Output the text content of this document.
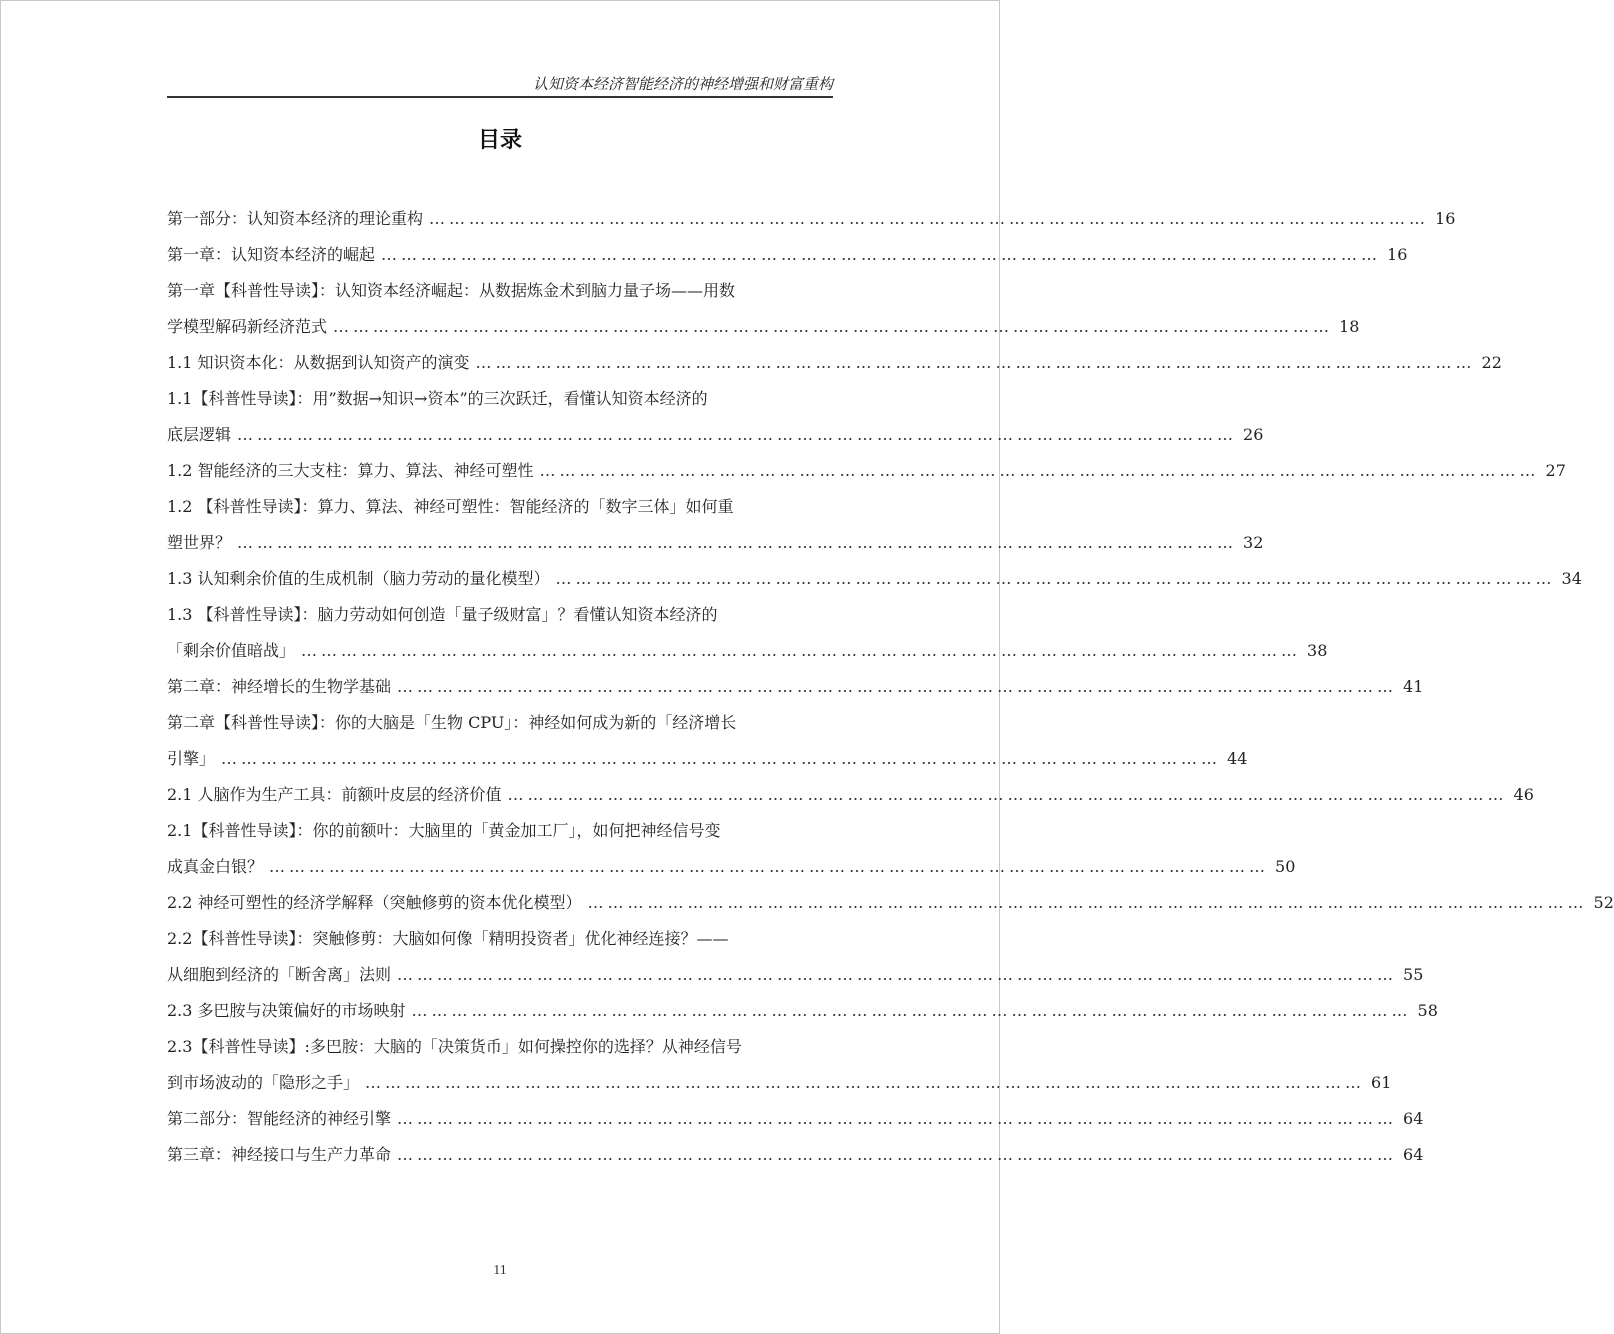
认知资本经济智能经济的神经增强和财富重构
目录
第一部分：认知资本经济的理论重构 …………………………………………………………………………………………………………………………………… 16
第一章：认知资本经济的崛起 …………………………………………………………………………………………………………………………………… 16
第一章【科普性导读】：认知资本经济崛起：从数据炼金术到脑力量子场——用数
学模型解码新经济范式 …………………………………………………………………………………………………………………………………… 18
1.1 知识资本化：从数据到认知资产的演变 …………………………………………………………………………………………………………………………………… 22
1.1【科普性导读】：用”数据→知识→资本”的三次跃迁，看懂认知资本经济的
底层逻辑 …………………………………………………………………………………………………………………………………… 26
1.2 智能经济的三大支柱：算力、算法、神经可塑性 …………………………………………………………………………………………………………………………………… 27
1.2 【科普性导读】：算力、算法、神经可塑性：智能经济的「数字三体」如何重
塑世界？ …………………………………………………………………………………………………………………………………… 32
1.3 认知剩余价值的生成机制（脑力劳动的量化模型） …………………………………………………………………………………………………………………………………… 34
1.3 【科普性导读】：脑力劳动如何创造「量子级财富」？看懂认知资本经济的
「剩余价值暗战」 …………………………………………………………………………………………………………………………………… 38
第二章：神经增长的生物学基础 …………………………………………………………………………………………………………………………………… 41
第二章【科普性导读】：你的大脑是「生物 CPU」：神经如何成为新的「经济增长
引擎」 …………………………………………………………………………………………………………………………………… 44
2.1 人脑作为生产工具：前额叶皮层的经济价值 …………………………………………………………………………………………………………………………………… 46
2.1【科普性导读】：你的前额叶：大脑里的「黄金加工厂」，如何把神经信号变
成真金白银？ …………………………………………………………………………………………………………………………………… 50
2.2 神经可塑性的经济学解释（突触修剪的资本优化模型） …………………………………………………………………………………………………………………………………… 52
2.2【科普性导读】：突触修剪：大脑如何像「精明投资者」优化神经连接？——
从细胞到经济的「断舍离」法则 …………………………………………………………………………………………………………………………………… 55
2.3 多巴胺与决策偏好的市场映射 …………………………………………………………………………………………………………………………………… 58
2.3【科普性导读】:多巴胺：大脑的「决策货币」如何操控你的选择？从神经信号
到市场波动的「隐形之手」 …………………………………………………………………………………………………………………………………… 61
第二部分：智能经济的神经引擎 …………………………………………………………………………………………………………………………………… 64
第三章：神经接口与生产力革命 …………………………………………………………………………………………………………………………………… 64
11
